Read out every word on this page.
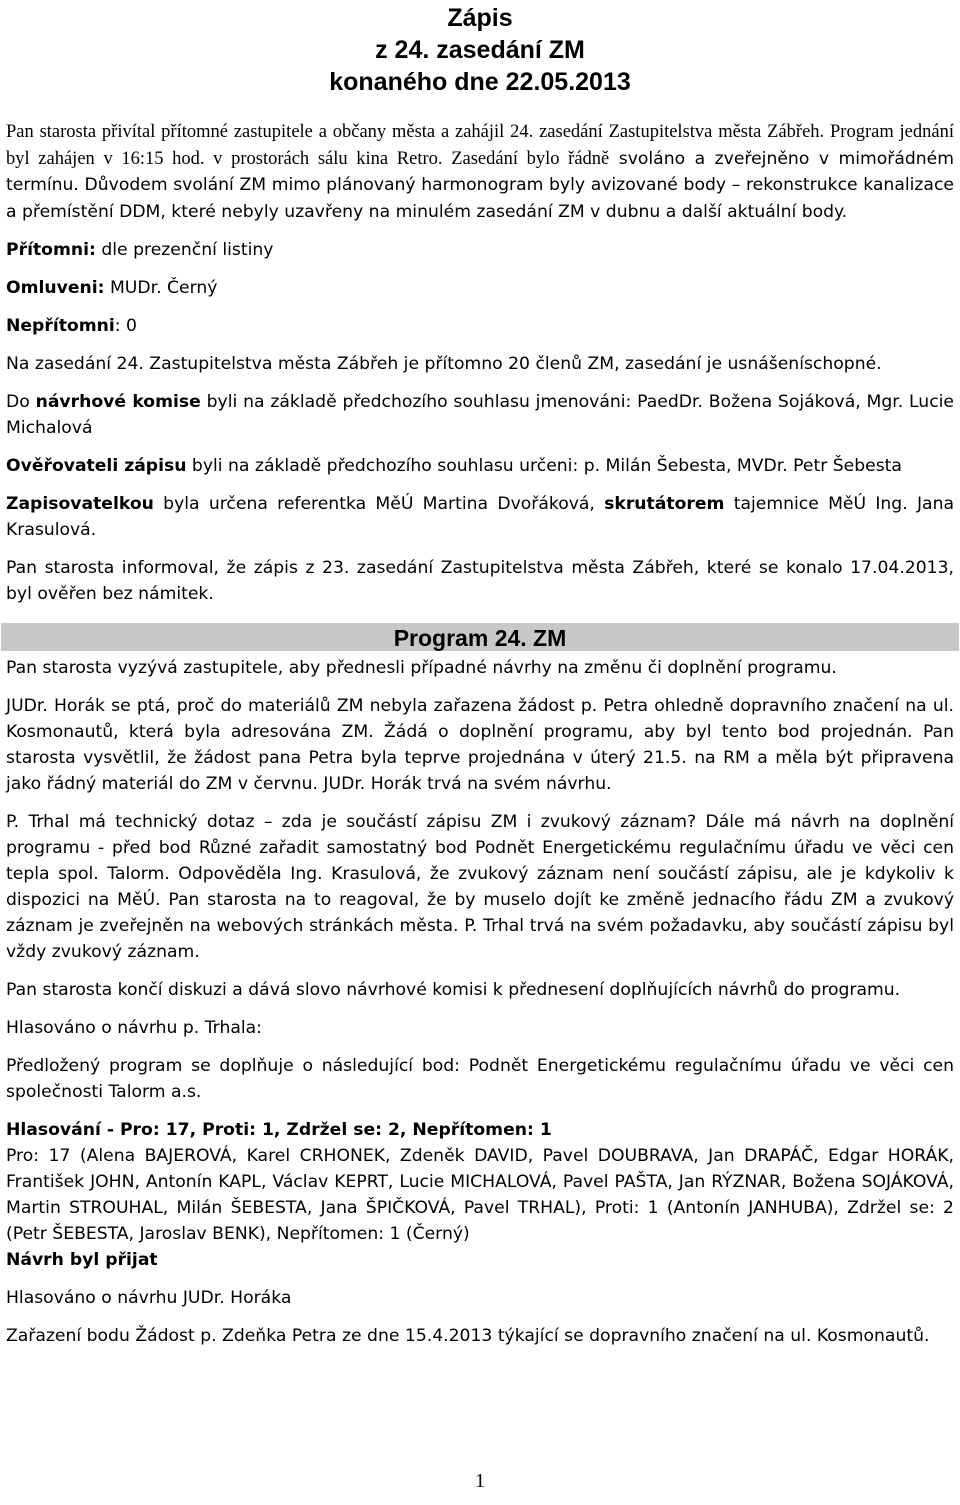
Zápis

z 24. zasedání ZM

konaného dne 22.05.2013

Pan starosta přivítal přítomné zastupitele a občany města a zahájil 24. zasedání Zastupitelstva města Zábřeh. Program jednání byl zahájen v 16:15 hod. v prostorách sálu kina Retro. Zasedání bylo řádně svoláno a zveřejněno v mimořádném termínu. Důvodem svolání ZM mimo plánovaný harmonogram byly avizované body – rekonstrukce kanalizace a přemístění DDM, které nebyly uzavřeny na minulém zasedání ZM v dubnu a další aktuální body.

Přítomni: dle prezenční listiny

Omluveni: MUDr. Černý

Nepřítomni: 0

Na zasedání 24. Zastupitelstva města Zábřeh je přítomno 20 členů ZM, zasedání je usnášeníschopné.

Do návrhové komise byli na základě předchozího souhlasu jmenováni: PaedDr. Božena Sojáková, Mgr. Lucie Michalová

Ověřovateli zápisu byli na základě předchozího souhlasu určeni: p. Milán Šebesta, MVDr. Petr Šebesta

Zapisovatelkou byla určena referentka MěÚ Martina Dvořáková, skrutátorem tajemnice MěÚ Ing. Jana Krasulová.

Pan starosta informoval, že zápis z 23. zasedání Zastupitelstva města Zábřeh, které se konalo 17.04.2013, byl ověřen bez námitek.

Program 24. ZM

Pan starosta vyzývá zastupitele, aby přednesli případné návrhy na změnu či doplnění programu.

JUDr. Horák se ptá, proč do materiálů ZM nebyla zařazena žádost p. Petra ohledně dopravního značení na ul. Kosmonautů, která byla adresována ZM. Žádá o doplnění programu, aby byl tento bod projednán. Pan starosta vysvětlil, že žádost pana Petra byla teprve projednána v úterý 21.5. na RM a měla být připravena jako řádný materiál do ZM v červnu. JUDr. Horák trvá na svém návrhu.

P. Trhal má technický dotaz – zda je součástí zápisu ZM i zvukový záznam? Dále má návrh na doplnění programu - před bod Různé zařadit samostatný bod Podnět Energetickému regulačnímu úřadu ve věci cen tepla spol. Talorm. Odpověděla Ing. Krasulová, že zvukový záznam není součástí zápisu, ale je kdykoliv k dispozici na MěÚ. Pan starosta na to reagoval, že by muselo dojít ke změně jednacího řádu ZM a zvukový záznam je zveřejněn na webových stránkách města. P. Trhal trvá na svém požadavku, aby součástí zápisu byl vždy zvukový záznam.

Pan starosta končí diskuzi a dává slovo návrhové komisi k přednesení doplňujících návrhů do programu.

Hlasováno o návrhu p. Trhala:

Předložený program se doplňuje o následující bod: Podnět Energetickému regulačnímu úřadu ve věci cen společnosti Talorm a.s.

Hlasování - Pro: 17, Proti: 1, Zdržel se: 2, Nepřítomen: 1

Pro: 17 (Alena BAJEROVÁ, Karel CRHONEK, Zdeněk DAVID, Pavel DOUBRAVA, Jan DRAPÁČ, Edgar HORÁK, František JOHN, Antonín KAPL, Václav KEPRT, Lucie MICHALOVÁ, Pavel PAŠTA, Jan RÝZNAR, Božena SOJÁKOVÁ, Martin STROUHAL, Milán ŠEBESTA, Jana ŠPIČKOVÁ, Pavel TRHAL), Proti: 1 (Antonín JANHUBA), Zdržel se: 2 (Petr ŠEBESTA, Jaroslav BENK), Nepřítomen: 1 (Černý)

Návrh byl přijat

Hlasováno o návrhu JUDr. Horáka

Zařazení bodu Žádost p. Zdeňka Petra ze dne 15.4.2013 týkající se dopravního značení na ul. Kosmonautů.

1
